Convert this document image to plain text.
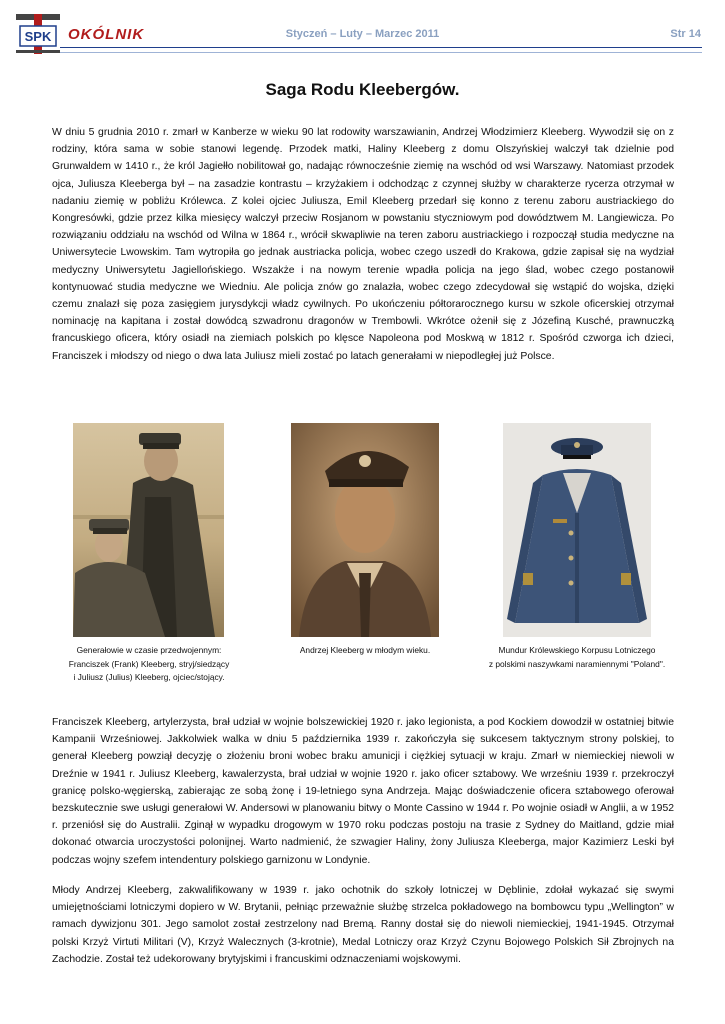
SPK OKÓLNIK	Styczeń – Luty – Marzec 2011	Str 14
Saga Rodu Kleebergów.

W dniu 5 grudnia 2010 r. zmarł w Kanberze w wieku 90 lat rodowity warszawianin, Andrzej Włodzimierz Kleeberg. Wywodził się on z rodziny, która sama w sobie stanowi legendę. Przodek matki, Haliny Kleeberg z domu Olszyńskiej walczył tak dzielnie pod Grunwaldem w 1410 r., że król Jagiełło nobilitował go, nadając równocześnie ziemię na wschód od wsi Warszawy. Natomiast przodek ojca, Juliusza Kleeberga był – na zasadzie kontrastu – krzyżakiem i odchodząc z czynnej służby w charakterze rycerza otrzymał w nadaniu ziemię w pobliżu Królewca. Z kolei ojciec Juliusza, Emil Kleeberg przedarł się konno z terenu zaboru austriackiego do Kongresówki, gdzie przez kilka miesięcy walczył przeciw Rosjanom w powstaniu styczniowym pod dowództwem M. Langiewicza. Po rozwiązaniu oddziału na wschód od Wilna w 1864 r., wrócił skwapliwie na teren zaboru austriackiego i rozpoczął studia medyczne na Uniwersytecie Lwowskim. Tam wytropiła go jednak austriacka policja, wobec czego uszedł do Krakowa, gdzie zapisał się na wydział medyczny Uniwersytetu Jagiellońskiego. Wszakże i na nowym terenie wpadła policja na jego ślad, wobec czego postanowił kontynuować studia medyczne we Wiedniu. Ale policja znów go znalazła, wobec czego zdecydował się wstąpić do wojska, dzięki czemu znalazł się poza zasięgiem jurysdykcji władz cywilnych. Po ukończeniu półtorarocznego kursu w szkole oficerskiej otrzymał nominację na kapitana i został dowódcą szwadronu dragonów w Trembowli. Wkrótce ożenił się z Józefiną Kusché, prawnuczką francuskiego oficera, który osiadł na ziemiach polskich po klęsce Napoleona pod Moskwą w 1812 r. Spośród czworga ich dzieci, Franciszek i młodszy od niego o dwa lata Juliusz mieli zostać po latach generałami w niepodległej już Polsce.

Generałowie w czasie przedwojennym:
Franciszek (Frank) Kleeberg, stryj/siedzący
i Juliusz (Julius) Kleeberg, ojciec/stojący.
Andrzej Kleeberg w młodym wieku.	Mundur Królewskiego Korpusu Lotniczego
z polskimi naszywkami naramiennymi "Poland".

Franciszek Kleeberg, artylerzysta, brał udział w wojnie bolszewickiej 1920 r. jako legionista, a pod Kockiem dowodził w ostatniej bitwie Kampanii Wrześniowej. Jakkolwiek walka w dniu 5 października 1939 r. zakończyła się sukcesem taktycznym strony polskiej, to generał Kleeberg powziął decyzję o złożeniu broni wobec braku amunicji i ciężkiej sytuacji w kraju. Zmarł w niemieckiej niewoli w Dreźnie w 1941 r. Juliusz Kleeberg, kawalerzysta, brał udział w wojnie 1920 r. jako oficer sztabowy. We wrześniu 1939 r. przekroczył granicę polsko-węgierską, zabierając ze sobą żonę i 19-letniego syna Andrzeja. Mając doświadczenie oficera sztabowego oferował bezskutecznie swe usługi generałowi W. Andersowi w planowaniu bitwy o Monte Cassino w 1944 r. Po wojnie osiadł w Anglii, a w 1952 r. przeniósł się do Australii. Zginął w wypadku drogowym w 1970 roku podczas postoju na trasie z Sydney do Maitland, gdzie miał dokonać otwarcia uroczystości polonijnej. Warto nadmienić, że szwagier Haliny, żony Juliusza Kleeberga, major Kazimierz Leski był podczas wojny szefem intendentury polskiego garnizonu w Londynie.

Młody Andrzej Kleeberg, zakwalifikowany w 1939 r. jako ochotnik do szkoły lotniczej w Dęblinie, zdołał wykazać się swymi umiejętnościami lotniczymi dopiero w W. Brytanii, pełniąc przeważnie służbę strzelca pokładowego na bombowcu typu „Wellington” w ramach dywizjonu 301. Jego samolot został zestrzelony nad Bremą. Ranny dostał się do niewoli niemieckiej, 1941-1945. Otrzymał polski Krzyż Virtuti Militari (V), Krzyż Walecznych (3-krotnie), Medal Lotniczy oraz Krzyż Czynu Bojowego Polskich Sił Zbrojnych na Zachodzie. Został też udekorowany brytyjskimi i francuskimi odznaczeniami wojskowymi.
